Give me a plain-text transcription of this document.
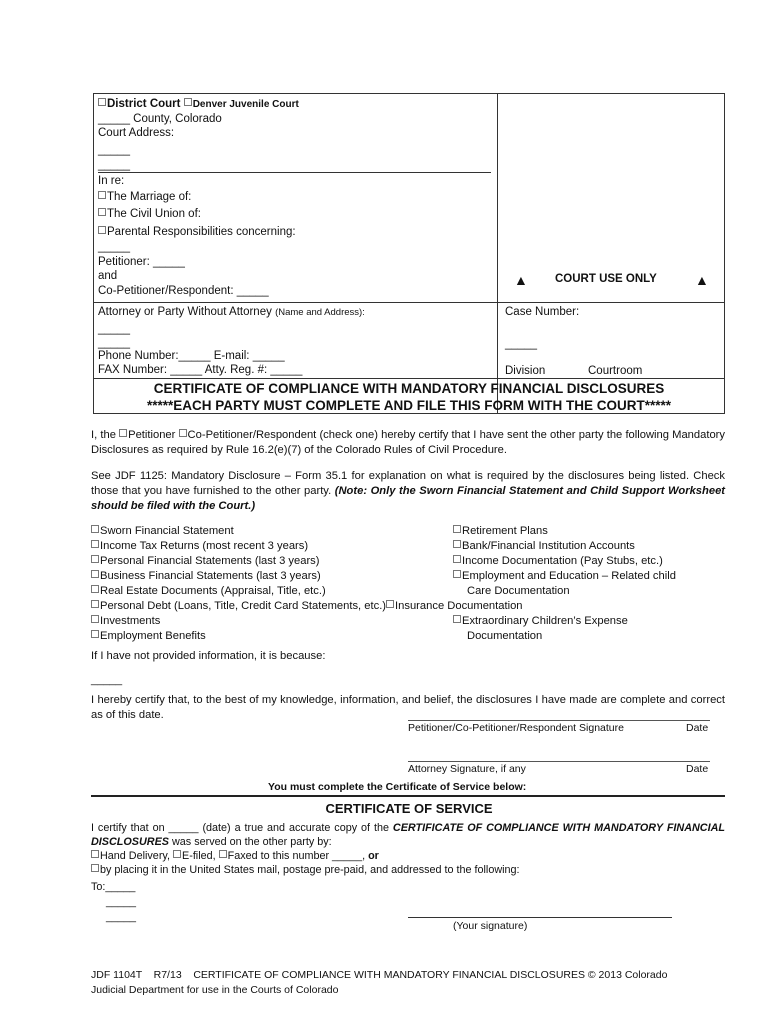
District Court Denver Juvenile Court
_____ County, Colorado
Court Address:
_____
_____
In re:
The Marriage of:
The Civil Union of:
Parental Responsibilities concerning:
_____
Petitioner: _____
and
Co-Petitioner/Respondent: _____
▲ COURT USE ONLY	▲
Attorney or Party Without Attorney (Name and Address):
_____
_____
Phone Number:_____ E-mail: _____
FAX Number: _____ Atty. Reg. #: _____
Case Number:
_____
Division	Courtroom
CERTIFICATE OF COMPLIANCE WITH MANDATORY FINANCIAL DISCLOSURES
*****EACH PARTY MUST COMPLETE AND FILE THIS FORM WITH THE COURT*****
I, the Petitioner Co-Petitioner/Respondent (check one) hereby certify that I have sent the other party the following Mandatory Disclosures as required by Rule 16.2(e)(7) of the Colorado Rules of Civil Procedure.
See JDF 1125: Mandatory Disclosure – Form 35.1 for explanation on what is required by the disclosures being listed. Check those that you have furnished to the other party. (Note: Only the Sworn Financial Statement and Child Support Worksheet should be filed with the Court.)
Sworn Financial Statement
Income Tax Returns (most recent 3 years)
Personal Financial Statements (last 3 years)
Business Financial Statements (last 3 years)
Real Estate Documents (Appraisal, Title, etc.)
Personal Debt (Loans, Title, Credit Card Statements, etc.) Insurance Documentation
Investments
Employment Benefits
Retirement Plans
Bank/Financial Institution Accounts
Income Documentation (Pay Stubs, etc.)
Employment and Education – Related child
Care Documentation
Extraordinary Children’s Expense
Documentation
If I have not provided information, it is because:
_____
I hereby certify that, to the best of my knowledge, information, and belief, the disclosures I have made are complete and correct as of this date.
Petitioner/Co-Petitioner/Respondent Signature	Date
Attorney Signature, if any	Date
You must complete the Certificate of Service below:
CERTIFICATE OF SERVICE
I certify that on _____ (date) a true and accurate copy of the CERTIFICATE OF COMPLIANCE WITH MANDATORY FINANCIAL DISCLOSURES was served on the other party by:
Hand Delivery, E-filed, Faxed to this number _____, or
by placing it in the United States mail, postage pre-paid, and addressed to the following:
To:_____
_____
_____
(Your signature)
JDF 1104T    R7/13    CERTIFICATE OF COMPLIANCE WITH MANDATORY FINANCIAL DISCLOSURES © 2013 Colorado
Judicial Department for use in the Courts of Colorado
